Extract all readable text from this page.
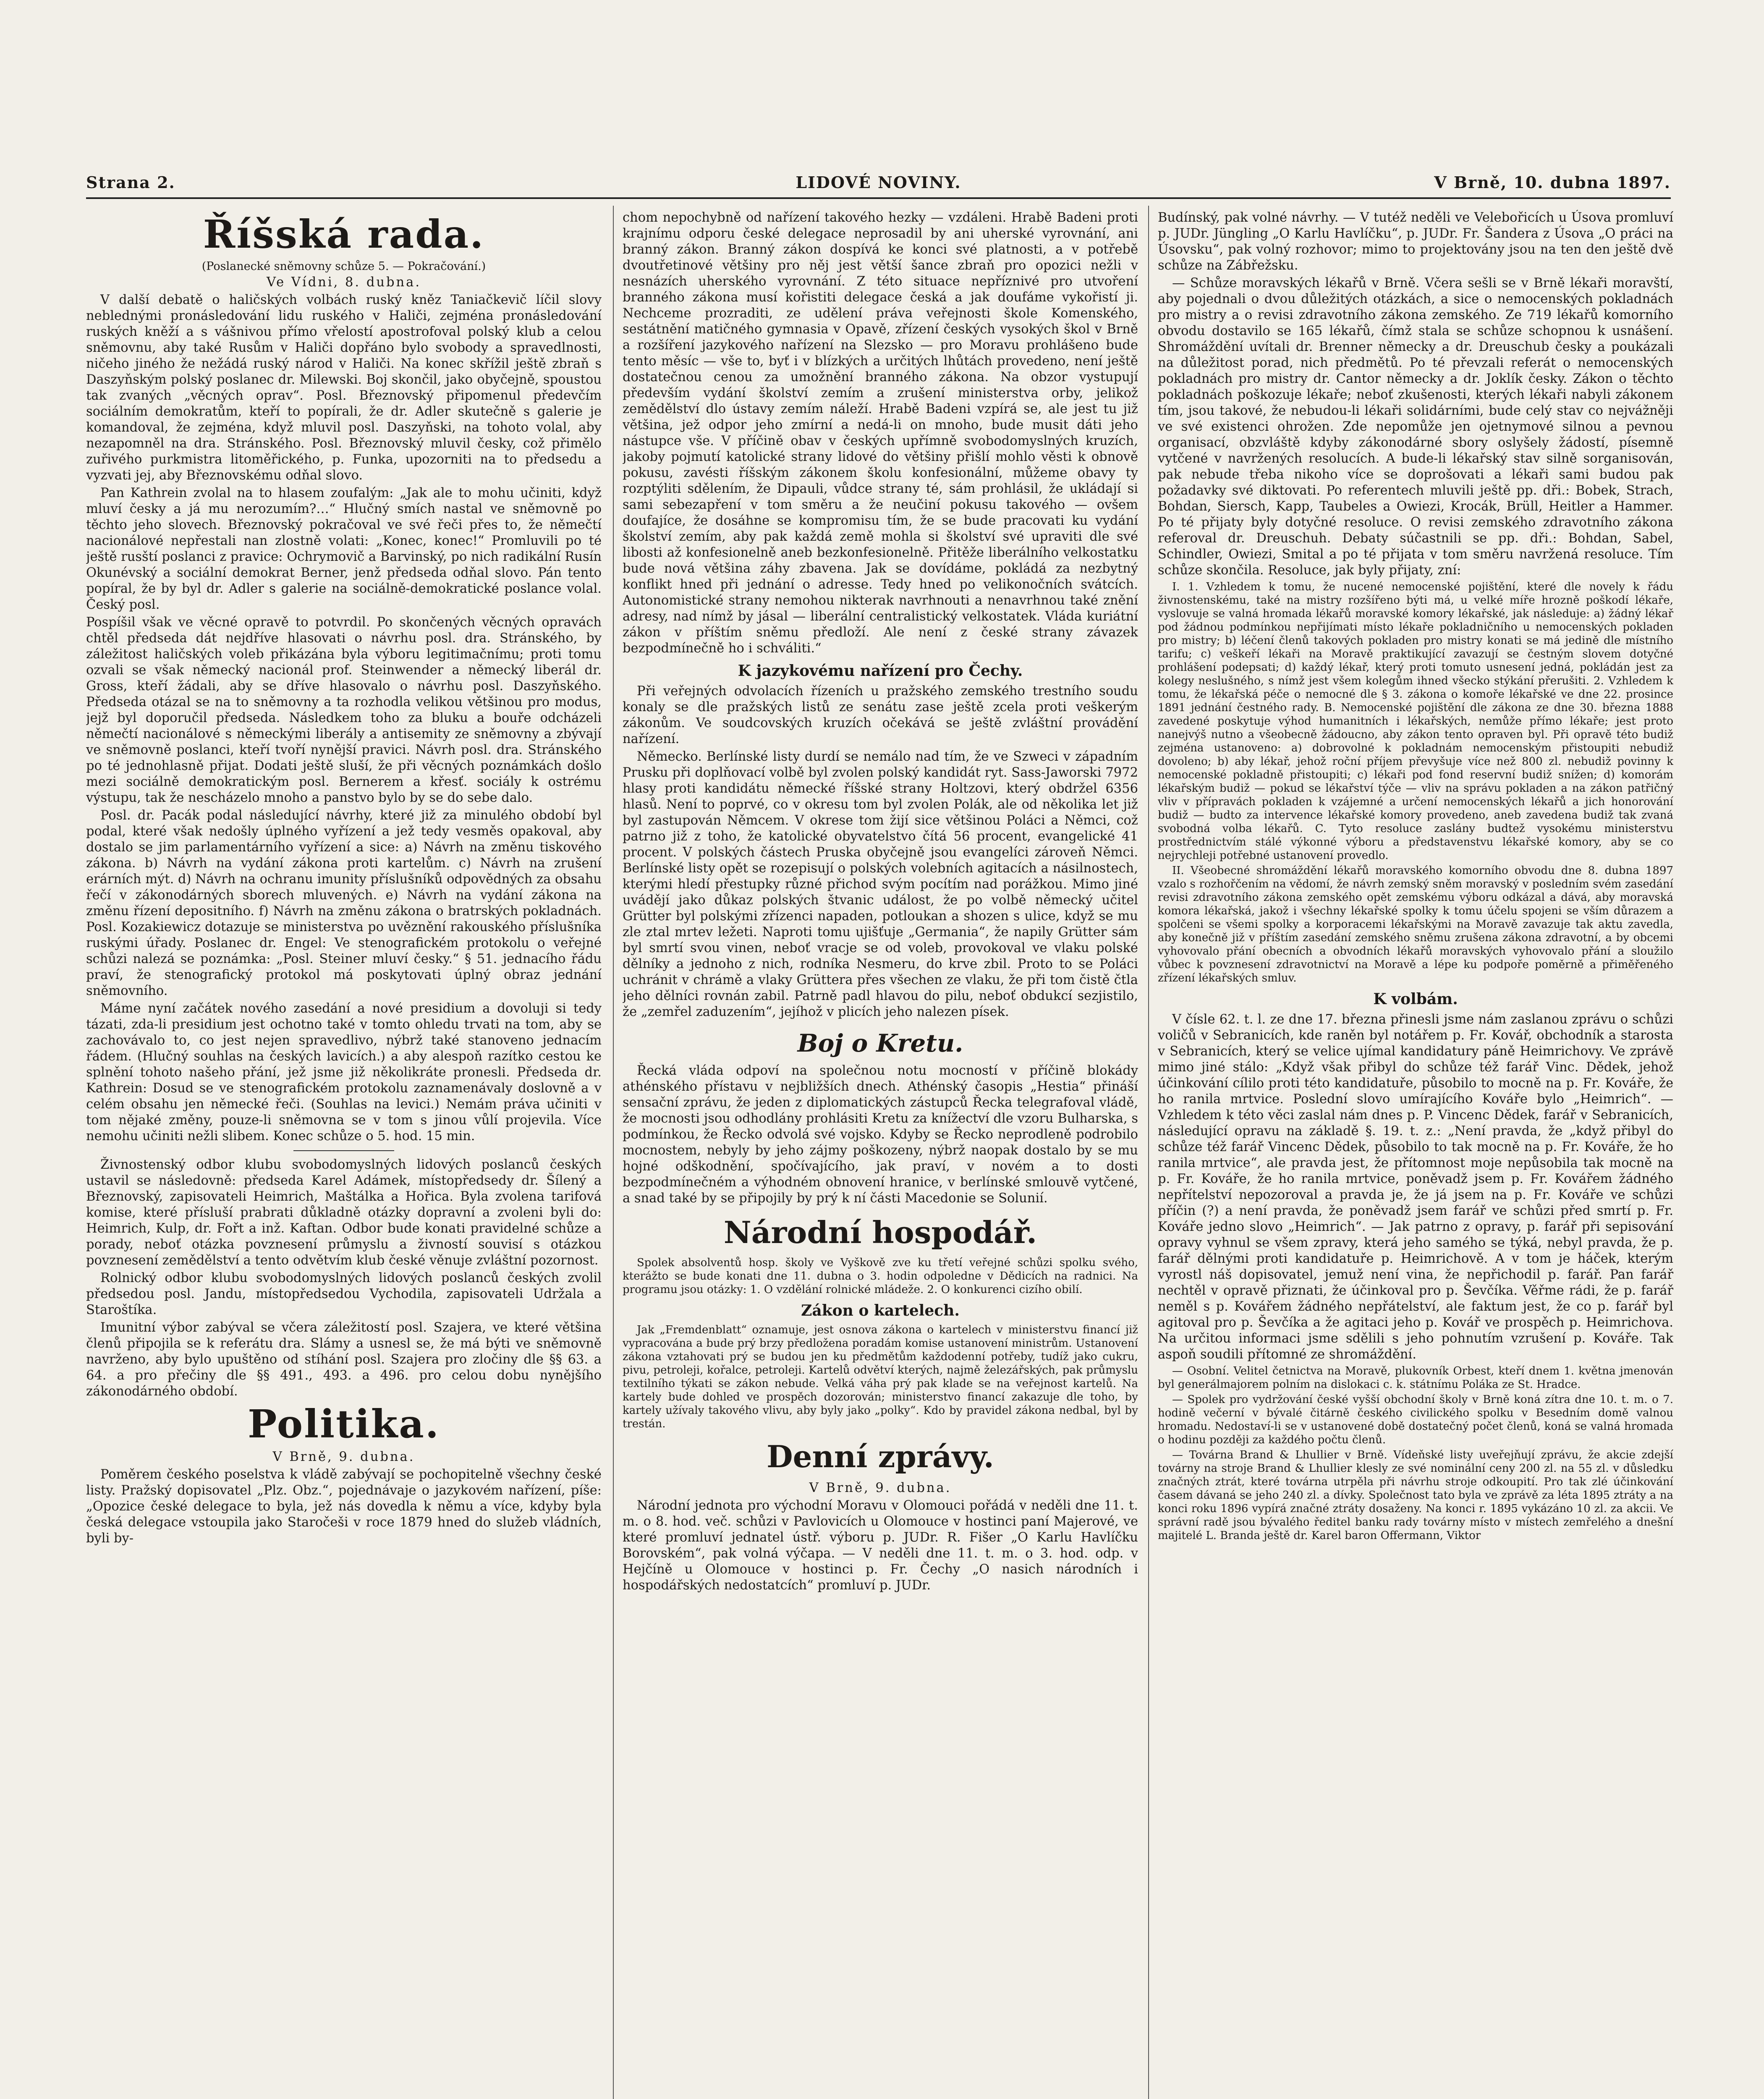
Strana 2.	LIDOVÉ NOVINY.	V Brně, 10. dubna 1897.
Říšská rada.
(Poslanecké sněmovny schůze 5. — Pokračování.)
Ve Vídni, 8. dubna.

V další debatě o haličských volbách ruský kněz Taniačkevič líčil slovy neblednými pronásledování lidu ruského v Haliči, zejména pronásledování ruských kněží a s vášnivou přímo vřelostí apostrofoval polský klub a celou sněmovnu, aby také Rusům v Haliči dopřáno bylo svobody a spravedlnosti, ničeho jiného že nežádá ruský národ v Haliči. Na konec skřížil ještě zbraň s Daszyňským polský poslanec dr. Milewski. Boj skončil, jako obyčejně, spoustou tak zvaných „věcných oprav“. Posl. Březnovský připomenul předevčím sociálním demokratům, kteří to popírali, že dr. Adler skutečně s galerie je komandoval, že zejména, když mluvil posl. Daszyňski, na tohoto volal, aby nezapomněl na dra. Stránského. Posl. Březnovský mluvil česky, což přimělo zuřivého purkmistra litoměřického, p. Funka, upozorniti na to předsedu a vyzvati jej, aby Březnovskému odňal slovo.

Pan Kathrein zvolal na to hlasem zoufalým: „Jak ale to mohu učiniti, když mluví česky a já mu nerozumím?…“ Hlučný smích nastal ve sněmovně po těchto jeho slovech. Březnovský pokračoval ve své řeči přes to, že němečtí nacionálové nepřestali nan zlostně volati: „Konec, konec!“ Promluvili po té ještě rusští poslanci z pravice: Ochrymovič a Barvinský, po nich radikální Rusín Okunévský a sociální demokrat Berner, jenž předseda odňal slovo. Pán tento popíral, že by byl dr. Adler s galerie na sociálně-demokratické poslance volal. Český posl.

Pospíšil však ve věcné opravě to potvrdil. Po skončených věcných opravách chtěl předseda dát nejdříve hlasovati o návrhu posl. dra. Stránského, by záležitost haličských voleb přikázána byla výboru legitimačnímu; proti tomu ozvali se však německý nacionál prof. Steinwender a německý liberál dr. Gross, kteří žádali, aby se dříve hlasovalo o návrhu posl. Daszyňského. Předseda otázal se na to sněmovny a ta rozhodla velikou většinou pro modus, jejž byl doporučil předseda. Následkem toho za bluku a bouře odcházeli němečtí nacionálové s německými liberály a antisemity ze sněmovny a zbývají ve sněmovně poslanci, kteří tvoří nynější pravici. Návrh posl. dra. Stránského po té jednohlasně přijat. Dodati ještě sluší, že při věcných poznámkách došlo mezi sociálně demokratickým posl. Bernerem a křesť. sociály k ostrému výstupu, tak že nescházelo mnoho a panstvo bylo by se do sebe dalo.

Posl. dr. Pacák podal následující návrhy, které již za minulého období byl podal, které však nedošly úplného vyřízení a jež tedy vesměs opakoval, aby dostalo se jim parlamentárního vyřízení a sice: a) Návrh na změnu tiskového zákona. b) Návrh na vydání zákona proti kartelům. c) Návrh na zrušení erárních mýt. d) Návrh na ochranu imunity příslušníků odpovědných za obsahu řečí v zákonodárných sborech mluvených. e) Návrh na vydání zákona na změnu řízení depositního. f) Návrh na změnu zákona o bratrských pokladnách. Posl. Kozakiewicz dotazuje se ministerstva po uvěznění rakouského příslušníka ruskými úřady. Poslanec dr. Engel: Ve stenografickém protokolu o veřejné schůzi nalezá se poznámka: „Posl. Steiner mluví česky.“ § 51. jednacího řádu praví, že stenografický protokol má poskytovati úplný obraz jednání sněmovního.

Máme nyní začátek nového zasedání a nové presidium a dovoluji si tedy tázati, zda-li presidium jest ochotno také v tomto ohledu trvati na tom, aby se zachovávalo to, co jest nejen spravedlivo, nýbrž také stanoveno jednacím řádem. (Hlučný souhlas na českých lavicích.) a aby alespoň razítko cestou ke splnění tohoto našeho přání, jež jsme již několikráte pronesli. Předseda dr. Kathrein: Dosud se ve stenografickém protokolu zaznamenávaly doslovně a v celém obsahu jen německé řeči. (Souhlas na levici.) Nemám práva učiniti v tom nějaké změny, pouze-li sněmovna se v tom s jinou vůlí projevila. Více nemohu učiniti nežli slibem. Konec schůze o 5. hod. 15 min.

Živnostenský odbor klubu svobodomyslných lidových poslanců českých ustavil se následovně: předseda Karel Adámek, místopředsedy dr. Šílený a Březnovský, zapisovateli Heimrich, Maštálka a Hořica. Byla zvolena tarifová komise, které přísluší prabrati důkladně otázky dopravní a zvoleni byli do: Heimrich, Kulp, dr. Fořt a inž. Kaftan. Odbor bude konati pravidelné schůze a porady, neboť otázka povznesení průmyslu a živností souvisí s otázkou povznesení zemědělství a tento odvětvím klub české věnuje zvláštní pozornost.

Rolnický odbor klubu svobodomyslných lidových poslanců českých zvolil předsedou posl. Jandu, místopředsedou Vychodila, zapisovateli Udržala a Staroštíka.

Imunitní výbor zabýval se včera záležitostí posl. Szajera, ve které většina členů připojila se k referátu dra. Slámy a usnesl se, že má býti ve sněmovně navrženo, aby bylo upuštěno od stíhání posl. Szajera pro zločiny dle §§ 63. a 64. a pro přečiny dle §§ 491., 493. a 496. pro celou dobu nynějšího zákonodárného období.

Politika.
V Brně, 9. dubna.

Poměrem českého poselstva k vládě zabývají se pochopitelně všechny české listy. Pražský dopisovatel „Plz. Obz.“, pojednávaje o jazykovém nařízení, píše: „Opozice české delegace to byla, jež nás dovedla k němu a více, kdyby byla česká delegace vstoupila jako Staročeši v roce 1879 hned do služeb vládních, byli by-

chom nepochybně od nařízení takového hezky — vzdáleni. Hrabě Badeni proti krajnímu odporu české delegace neprosadil by ani uherské vyrovnání, ani branný zákon. Branný zákon dospívá ke konci své platnosti, a v potřebě dvoutřetinové většiny pro něj jest větší šance zbraň pro opozici nežli v nesnázích uherského vyrovnání. Z této situace nepříznivé pro utvoření branného zákona musí kořistiti delegace česká a jak doufáme vykořistí ji. Nechceme prozraditi, ze udělení práva veřejnosti škole Komenského, sestátnění matičného gymnasia v Opavě, zřízení českých vysokých škol v Brně a rozšíření jazykového nařízení na Slezsko — pro Moravu prohlášeno bude tento měsíc — vše to, byť i v blízkých a určitých lhůtách provedeno, není ještě dostatečnou cenou za umožnění branného zákona. Na obzor vystupují především vydání školství zemím a zrušení ministerstva orby, jelikož zemědělství dlo ústavy zemím náleží. Hrabě Badeni vzpírá se, ale jest tu již většina, jež odpor jeho zmírní a nedá-li on mnoho, bude musit dáti jeho nástupce vše. V příčině obav v českých upřímně svobodomyslných kruzích, jakoby pojmutí katolické strany lidové do většiny přišlí mohlo věsti k obnově pokusu, zavésti říšským zákonem školu konfesionální, můžeme obavy ty rozptýliti sdělením, že Dipauli, vůdce strany té, sám prohlásil, že ukládají si sami sebezapření v tom směru a že neučiní pokusu takového — ovšem doufajíce, že dosáhne se kompromisu tím, že se bude pracovati ku vydání školství zemím, aby pak každá země mohla si školství své upraviti dle své libosti až konfesionelně aneb bezkonfesionelně. Přitěže liberálního velkostatku bude nová většina záhy zbavena. Jak se dovídáme, pokládá za nezbytný konflikt hned při jednání o adresse. Tedy hned po velikonočních svátcích. Autonomistické strany nemohou nikterak navrhnouti a nenavrhnou také znění adresy, nad nímž by jásal — liberální centralistický velkostatek. Vláda kuriátní zákon v příštím sněmu předloží. Ale není z české strany závazek bezpodmínečně ho i schváliti.“

K jazykovému nařízení pro Čechy.

Při veřejných odvolacích řízeních u pražského zemského trestního soudu konaly se dle pražských listů ze senátu zase ještě zcela proti veškerým zákonům. Ve soudcovských kruzích očekává se ještě zvláštní provádění nařízení.

Německo. Berlínské listy durdí se nemálo nad tím, že ve Szweci v západním Prusku při doplňovací volbě byl zvolen polský kandidát ryt. Sass-Jaworski 7972 hlasy proti kandidátu německé říšské strany Holtzovi, který obdržel 6356 hlasů. Není to poprvé, co v okresu tom byl zvolen Polák, ale od několika let již byl zastupován Němcem. V okrese tom žijí sice většinou Poláci a Němci, což patrno již z toho, že katolické obyvatelstvo čítá 56 procent, evangelické 41 procent. V polských částech Pruska obyčejně jsou evangelíci zároveň Němci. Berlínské listy opět se rozepisují o polských volebních agitacích a násilnostech, kterými hledí přestupky různé přichod svým pocítím nad porážkou. Mimo jiné uvádějí jako důkaz polských štvanic událost, že po volbě německý učitel Grütter byl polskými zřízenci napaden, potloukan a shozen s ulice, když se mu zle ztal mrtev ležeti. Naproti tomu ujišťuje „Germania“, že napily Grütter sám byl smrtí svou vinen, neboť vracje se od voleb, provokoval ve vlaku polské dělníky a jednoho z nich, rodníka Nesmeru, do krve zbil. Proto to se Poláci uchránit v chrámě a vlaky Grüttera přes všechen ze vlaku, že při tom čistě čtla jeho dělníci rovnán zabil. Patrně padl hlavou do pilu, neboť obdukcí sezjistilo, že „zemřel zaduzením“, jejíhož v plicích jeho nalezen písek.

Boj o Kretu.

Řecká vláda odpoví na společnou notu mocností v příčině blokády athénského přístavu v nejbližších dnech. Athénský časopis „Hestia“ přináší sensační zprávu, že jeden z diplomatických zástupců Řecka telegrafoval vládě, že mocnosti jsou odhodlány prohlásiti Kretu za knížectví dle vzoru Bulharska, s podmínkou, že Řecko odvolá své vojsko. Kdyby se Řecko neprodleně podrobilo mocnostem, nebyly by jeho zájmy poškozeny, nýbrž naopak dostalo by se mu hojné odškodnění, spočívajícího, jak praví, v novém a to dosti bezpodmínečném a výhodném obnovení hranice, v berlínské smlouvě vytčené, a snad také by se připojily by prý k ní části Macedonie se Solunií.

Národní hospodář.

Spolek absolventů hosp. školy ve Vyškově zve ku třetí veřejné schůzi spolku svého, kterážto se bude konati dne 11. dubna o 3. hodin odpoledne v Dědicích na radnici. Na programu jsou otázky: 1. O vzdělání rolnické mládeže. 2. O konkurenci cizího obilí.

Zákon o kartelech.

Jak „Fremdenblatt“ oznamuje, jest osnova zákona o kartelech v ministerstvu financí již vypracována a bude prý brzy předložena poradám komise ustanovení ministrům. Ustanovení zákona vztahovati prý se budou jen ku předmětům každodenní potřeby, tudíž jako cukru, pivu, petroleji, kořalce, petroleji. Kartelů odvětví kterých, najmě železářských, pak průmyslu textilního týkati se zákon nebude. Velká váha prý pak klade se na veřejnost kartelů. Na kartely bude dohled ve prospěch dozorován; ministerstvo financí zakazuje dle toho, by kartely užívaly takového vlivu, aby byly jako „polky“. Kdo by pravidel zákona nedbal, byl by trestán.

Denní zprávy.
V Brně, 9. dubna.

Národní jednota pro východní Moravu v Olomouci pořádá v neděli dne 11. t. m. o 8. hod. več. schůzi v Pavlovicích u Olomouce v hostinci paní Majerové, ve které promluví jednatel ústř. výboru p. JUDr. R. Fišer „O Karlu Havlíčku Borovském“, pak volná výčapa. — V neděli dne 11. t. m. o 3. hod. odp. v Hejčíně u Olomouce v hostinci p. Fr. Čechy „O nasich národních i hospodářských nedostatcích“ promluví p. JUDr.

Budínský, pak volné návrhy. — V tutéž neděli ve Velebořicích u Úsova promluví p. JUDr. Jüngling „O Karlu Havlíčku“, p. JUDr. Fr. Šandera z Úsova „O práci na Úsovsku“, pak volný rozhovor; mimo to projektovány jsou na ten den ještě dvě schůze na Zábřežsku.

— Schůze moravských lékařů v Brně. Včera sešli se v Brně lékaři moravští, aby pojednali o dvou důležitých otázkách, a sice o nemocenských pokladnách pro mistry a o revisi zdravotního zákona zemského. Ze 719 lékařů komorního obvodu dostavilo se 165 lékařů, čímž stala se schůze schopnou k usnášení. Shromáždění uvítali dr. Brenner německy a dr. Dreuschub česky a poukázali na důležitost porad, nich předmětů. Po té převzali referát o nemocenských pokladnách pro mistry dr. Cantor německy a dr. Joklík česky. Zákon o těchto pokladnách poškozuje lékaře; neboť zkušenosti, kterých lékaři nabyli zákonem tím, jsou takové, že nebudou-li lékaři solidárními, bude celý stav co nejvážněji ve své existenci ohrožen. Zde nepomůže jen ojetnymové silnou a pevnou organisací, obzvláště kdyby zákonodárné sbory oslyšely žádostí, písemně vytčené v navržených resolucích. A bude-li lékařský stav silně sorganisován, pak nebude třeba nikoho více se doprošovati a lékaři sami budou pak požadavky své diktovati. Po referentech mluvili ještě pp. dři.: Bobek, Strach, Bohdan, Siersch, Kapp, Taubeles a Owiezi, Krocák, Brüll, Heitler a Hammer. Po té přijaty byly dotyčné resoluce. O revisi zemského zdravotního zákona referoval dr. Dreuschuh. Debaty súčastnili se pp. dři.: Bohdan, Sabel, Schindler, Owiezi, Smital a po té přijata v tom směru navržená resoluce. Tím schůze skončila. Resoluce, jak byly přijaty, zní:

I. 1. Vzhledem k tomu, že nucené nemocenské pojištění, které dle novely k řádu živnostenskému, také na mistry rozšířeno býti má, u velké míře hrozně poškodí lékaře, vyslovuje se valná hromada lékařů moravské komory lékařské, jak následuje: a) žádný lékař pod žádnou podmínkou nepřijímati místo lékaře pokladničního u nemocenských pokladen pro mistry; b) léčení členů takových pokladen pro mistry konati se má jedině dle místního tarifu; c) veškeří lékaři na Moravě praktikující zavazují se čestným slovem dotyčné prohlášení podepsati; d) každý lékař, který proti tomuto usnesení jedná, pokládán jest za kolegy neslušného, s nímž jest všem kolegům ihned všecko stýkání přerušiti. 2. Vzhledem k tomu, že lékařská péče o nemocné dle § 3. zákona o komoře lékařské ve dne 22. prosince 1891 jednání čestného rady. B. Nemocenské pojištění dle zákona ze dne 30. března 1888 zavedené poskytuje výhod humanitních i lékařských, nemůže přímo lékaře; jest proto nanejvýš nutno a všeobecně žádoucno, aby zákon tento opraven byl. Při opravě této budiž zejména ustanoveno: a) dobrovolné k pokladnám nemocenským přistoupiti nebudiž dovoleno; b) aby lékař, jehož roční příjem převyšuje více než 800 zl. nebudiž povinny k nemocenské pokladně přistoupiti; c) lékaři pod fond reservní budiž snížen; d) komorám lékařským budiž — pokud se lékařství týče — vliv na správu pokladen a na zákon patřičný vliv v přípravách pokladen k vzájemné a určení nemocenských lékařů a jich honorování budiž — budto za intervence lékařské komory provedeno, aneb zavedena budiž tak zvaná svobodná volba lékařů. C. Tyto resoluce zaslány budtež vysokému ministerstvu prostřednictvím stálé výkonné výboru a představenstvu lékařské komory, aby se co nejrychleji potřebné ustanovení provedlo.

II. Všeobecné shromáždění lékařů moravského komorního obvodu dne 8. dubna 1897 vzalo s rozhořčením na vědomí, že návrh zemský sněm moravský v posledním svém zasedání revisi zdravotního zákona zemského opět zemskému výboru odkázal a dává, aby moravská komora lékařská, jakož i všechny lékařské spolky k tomu účelu spojeni se vším důrazem a spolčeni se všemi spolky a korporacemi lékařskými na Moravě zavazuje tak aktu zavedla, aby konečně již v příštím zasedání zemského sněmu zrušena zákona zdravotní, a by obcemi vyhovovalo přání obecních a obvodních lékařů moravských vyhovovalo přání a sloužilo vůbec k povznesení zdravotnictví na Moravě a lépe ku podpoře poměrně a přiměřeného zřízení lékařských smluv.

K volbám.

V čísle 62. t. l. ze dne 17. března přinesli jsme nám zaslanou zprávu o schůzi voličů v Sebranicích, kde raněn byl notářem p. Fr. Kovář, obchodník a starosta v Sebranicích, který se velice ujímal kandidatury páně Heimrichovy. Ve zprávě mimo jiné stálo: „Když však přibyl do schůze též farář Vinc. Dědek, jehož účinkování cílilo proti této kandidatuře, působilo to mocně na p. Fr. Kováře, že ho ranila mrtvice. Poslední slovo umírajícího Kováře bylo „Heimrich“. — Vzhledem k této věci zaslal nám dnes p. P. Vincenc Dědek, farář v Sebranicích, následující opravu na základě §. 19. t. z.: „Není pravda, že „když přibyl do schůze též farář Vincenc Dědek, působilo to tak mocně na p. Fr. Kováře, že ho ranila mrtvice“, ale pravda jest, že přítomnost moje nepůsobila tak mocně na p. Fr. Kováře, že ho ranila mrtvice, poněvadž jsem p. Fr. Kovářem žádného nepřítelství nepozoroval a pravda je, že já jsem na p. Fr. Kováře ve schůzi příčin (?) a není pravda, že poněvadž jsem farář ve schůzi před smrtí p. Fr. Kováře jedno slovo „Heimrich“. — Jak patrno z opravy, p. farář při sepisování opravy vyhnul se všem zpravy, která jeho samého se týká, nebyl pravda, že p. farář dělnými proti kandidatuře p. Heimrichově. A v tom je háček, kterým vyrostl náš dopisovatel, jemuž není vina, že nepřichodil p. farář. Pan farář nechtěl v opravě přiznati, že účinkoval pro p. Ševčíka. Věřme rádi, že p. farář neměl s p. Kovářem žádného nepřátelství, ale faktum jest, že co p. farář byl agitoval pro p. Ševčíka a že agitaci jeho p. Kovář ve prospěch p. Heimrichova. Na určitou informaci jsme sdělili s jeho pohnutím vzrušení p. Kováře. Tak aspoň soudili přítomné ze shromáždění.

— Osobní. Velitel četnictva na Moravě, plukovník Orbest, kteří dnem 1. května jmenován byl generálmajorem polním na dislokaci c. k. státnímu Poláka ze St. Hradce.

— Spolek pro vydržování české vyšší obchodní školy v Brně koná zítra dne 10. t. m. o 7. hodině večerní v bývalé čitárně českého civilického spolku v Besedním domě valnou hromadu. Nedostaví-li se v ustanovené době dostatečný počet členů, koná se valná hromada o hodinu později za každého počtu členů.

— Továrna Brand & Lhullier v Brně. Vídeňské listy uveřejňují zprávu, že akcie zdejší továrny na stroje Brand & Lhullier klesly ze své nominální ceny 200 zl. na 55 zl. v důsledku značných ztrát, které továrna utrpěla při návrhu stroje odkoupití. Pro tak zlé účinkování časem dávaná se jeho 240 zl. a dívky. Společnost tato byla ve zprávě za léta 1895 ztráty a na konci roku 1896 vypírá značné ztráty dosaženy. Na konci r. 1895 vykázáno 10 zl. za akcii. Ve správní radě jsou bývalého ředitel banku rady továrny místo v místech zemřelého a dnešní majitelé L. Branda ještě dr. Karel baron Offermann, Viktor
